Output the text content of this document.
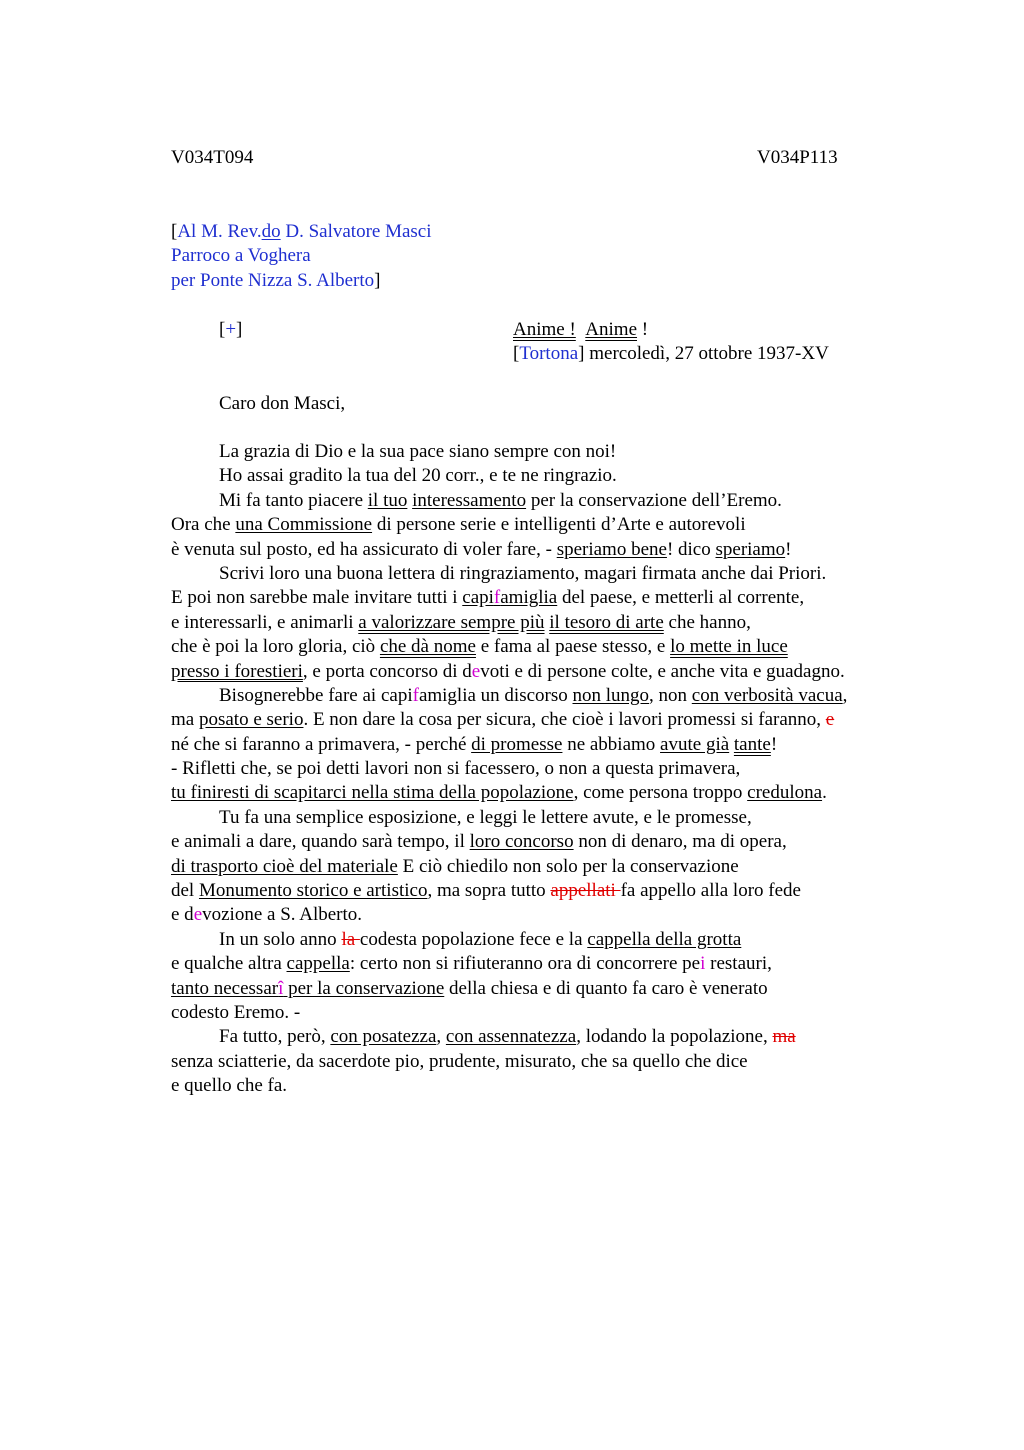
V034T094	V034P113
[Al M. Rev.do D. Salvatore Masci
Parroco a Voghera
per Ponte Nizza S. Alberto]
[+]	Anime ! Anime !
[Tortona] mercoledì, 27 ottobre 1937-XV
Caro don Masci,
La grazia di Dio e la sua pace siano sempre con noi!
Ho assai gradito la tua del 20 corr., e te ne ringrazio.
Mi fa tanto piacere il tuo interessamento per la conservazione dell’Eremo.
Ora che una Commissione di persone serie e intelligenti d’Arte e autorevoli
è venuta sul posto, ed ha assicurato di voler fare, - speriamo bene! dico speriamo!
Scrivi loro una buona lettera di ringraziamento, magari firmata anche dai Priori.
E poi non sarebbe male invitare tutti i capifamiglia del paese, e metterli al corrente,
e interessarli, e animarli a valorizzare sempre più il tesoro di arte che hanno,
che è poi la loro gloria, ciò che dà nome e fama al paese stesso, e lo mette in luce
presso i forestieri, e porta concorso di devoti e di persone colte, e anche vita e guadagno.
Bisognerebbe fare ai capifamiglia un discorso non lungo, non con verbosità vacua,
ma posato e serio. E non dare la cosa per sicura, che cioè i lavori promessi si faranno, e
né che si faranno a primavera, - perché di promesse ne abbiamo avute già tante!
- Rifletti che, se poi detti lavori non si facessero, o non a questa primavera,
tu finiresti di scapitarci nella stima della popolazione, come persona troppo credulona.
Tu fa una semplice esposizione, e leggi le lettere avute, e le promesse,
e animali a dare, quando sarà tempo, il loro concorso non di denaro, ma di opera,
di trasporto cioè del materiale E ciò chiedilo non solo per la conservazione
del Monumento storico e artistico, ma sopra tutto appellati fa appello alla loro fede
e devozione a S. Alberto.
In un solo anno la codesta popolazione fece e la cappella della grotta
e qualche altra cappella: certo non si rifiuteranno ora di concorrere pei restauri,
tanto necessarî per la conservazione della chiesa e di quanto fa caro è venerato
codesto Eremo. -
Fa tutto, però, con posatezza, con assennatezza, lodando la popolazione, ma
senza sciatterie, da sacerdote pio, prudente, misurato, che sa quello che dice
e quello che fa.
